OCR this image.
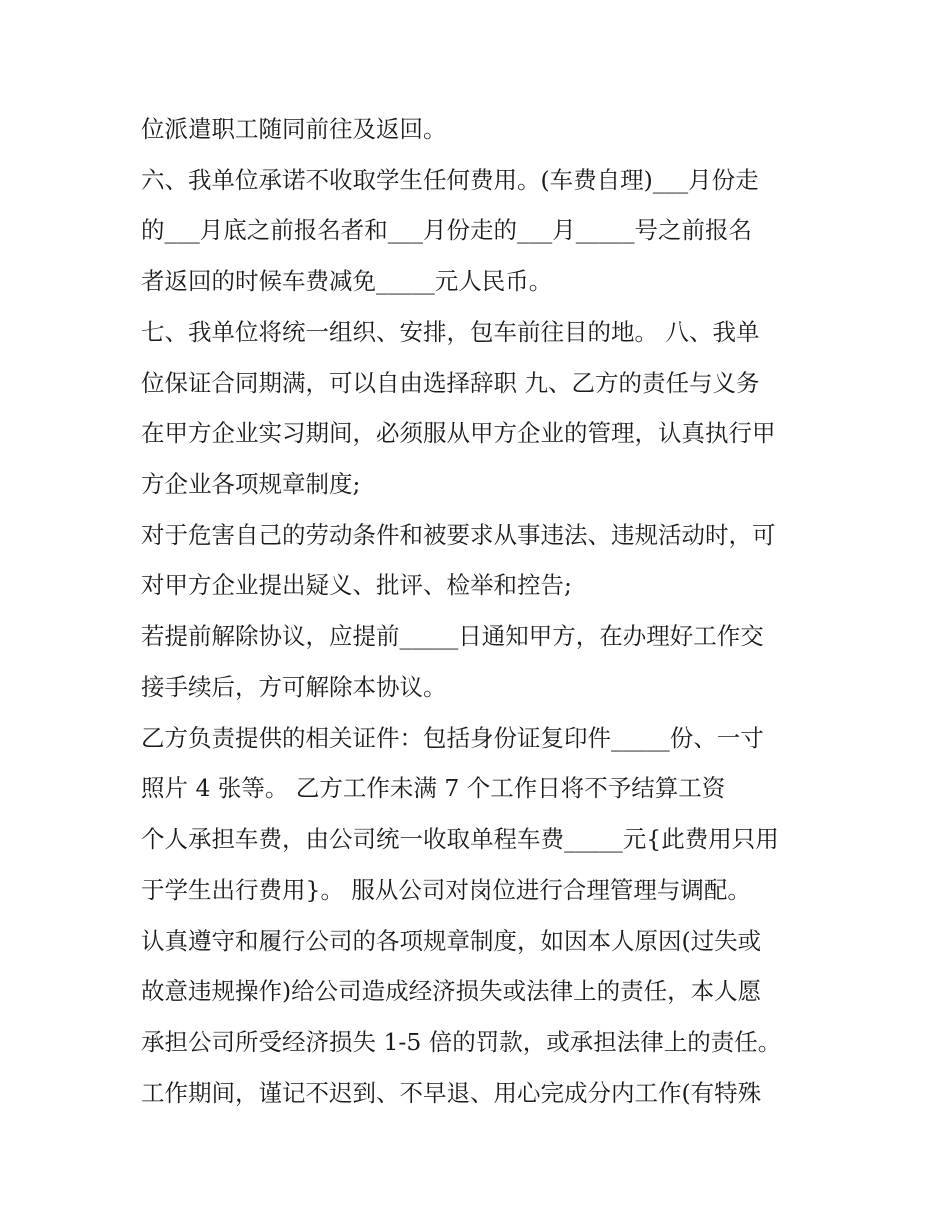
位派遣职工随同前往及返回。
六、我单位承诺不收取学生任何费用。(车费自理)___月份走
的___月底之前报名者和___月份走的___月_____号之前报名
者返回的时候车费减免_____元人民币。
七、我单位将统一组织、安排，包车前往目的地。 八、我单
位保证合同期满，可以自由选择辞职 九、乙方的责任与义务
在甲方企业实习期间，必须服从甲方企业的管理，认真执行甲
方企业各项规章制度;
对于危害自己的劳动条件和被要求从事违法、违规活动时，可
对甲方企业提出疑义、批评、检举和控告;
若提前解除协议，应提前_____日通知甲方，在办理好工作交
接手续后，方可解除本协议。
乙方负责提供的相关证件：包括身份证复印件_____份、一寸
照片 4 张等。 乙方工作未满 7 个工作日将不予结算工资
个人承担车费，由公司统一收取单程车费_____元{此费用只用
于学生出行费用}。 服从公司对岗位进行合理管理与调配。
认真遵守和履行公司的各项规章制度，如因本人原因(过失或
故意违规操作)给公司造成经济损失或法律上的责任，本人愿
承担公司所受经济损失 1-5 倍的罚款，或承担法律上的责任。
工作期间，谨记不迟到、不早退、用心完成分内工作(有特殊
